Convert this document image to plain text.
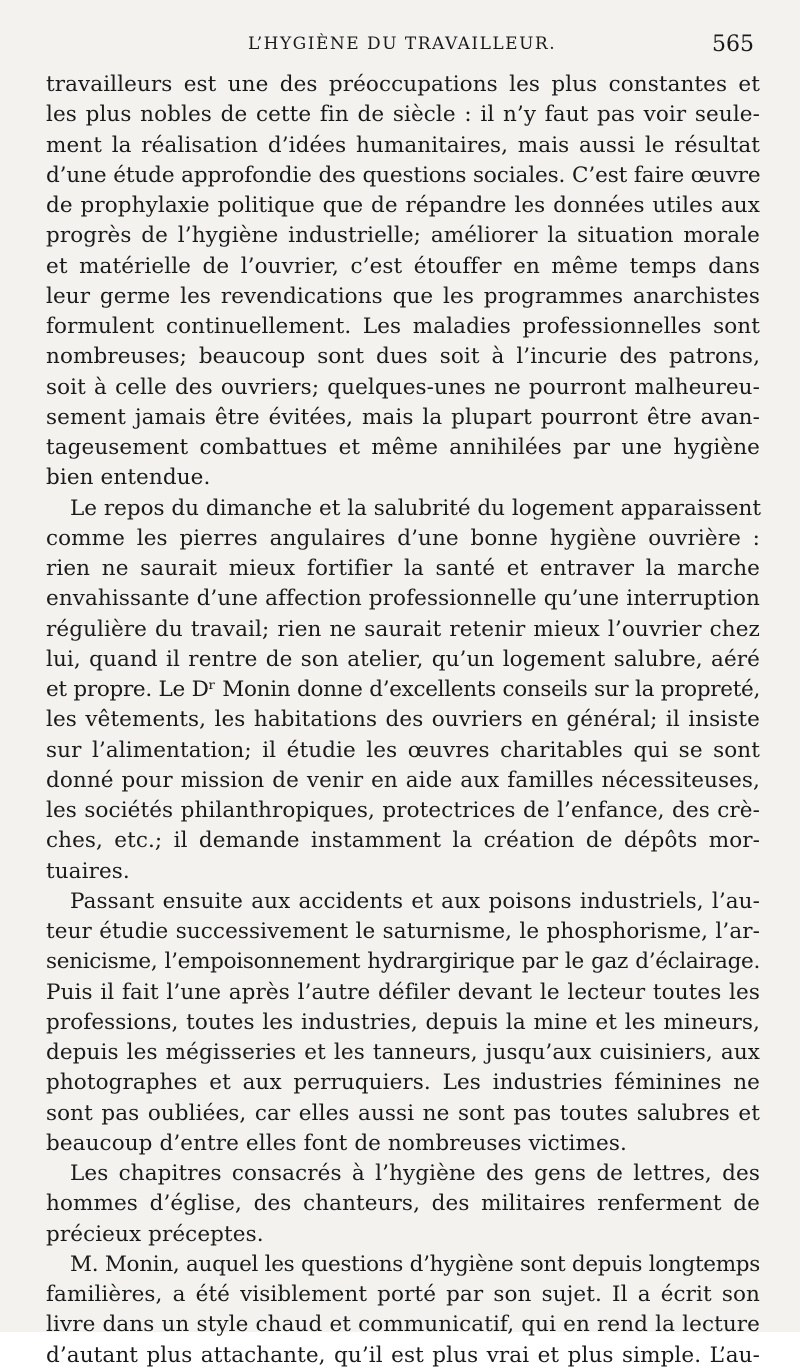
L’HYGIÈNE DU TRAVAILLEUR.	565
travailleurs est une des préoccupations les plus constantes et
les plus nobles de cette fin de siècle : il n’y faut pas voir seule-
ment la réalisation d’idées humanitaires, mais aussi le résultat
d’une étude approfondie des questions sociales. C’est faire œuvre
de prophylaxie politique que de répandre les données utiles aux
progrès de l’hygiène industrielle; améliorer la situation morale
et matérielle de l’ouvrier, c’est étouffer en même temps dans
leur germe les revendications que les programmes anarchistes
formulent continuellement. Les maladies professionnelles sont
nombreuses; beaucoup sont dues soit à l’incurie des patrons,
soit à celle des ouvriers; quelques-unes ne pourront malheureu-
sement jamais être évitées, mais la plupart pourront être avan-
tageusement combattues et même annihilées par une hygiène
bien entendue.
Le repos du dimanche et la salubrité du logement apparaissent
comme les pierres angulaires d’une bonne hygiène ouvrière :
rien ne saurait mieux fortifier la santé et entraver la marche
envahissante d’une affection professionnelle qu’une interruption
régulière du travail; rien ne saurait retenir mieux l’ouvrier chez
lui, quand il rentre de son atelier, qu’un logement salubre, aéré
et propre. Le Dʳ Monin donne d’excellents conseils sur la propreté,
les vêtements, les habitations des ouvriers en général; il insiste
sur l’alimentation; il étudie les œuvres charitables qui se sont
donné pour mission de venir en aide aux familles nécessiteuses,
les sociétés philanthropiques, protectrices de l’enfance, des crè-
ches, etc.; il demande instamment la création de dépôts mor-
tuaires.
Passant ensuite aux accidents et aux poisons industriels, l’au-
teur étudie successivement le saturnisme, le phosphorisme, l’ar-
senicisme, l’empoisonnement hydrargirique par le gaz d’éclairage.
Puis il fait l’une après l’autre défiler devant le lecteur toutes les
professions, toutes les industries, depuis la mine et les mineurs,
depuis les mégisseries et les tanneurs, jusqu’aux cuisiniers, aux
photographes et aux perruquiers. Les industries féminines ne
sont pas oubliées, car elles aussi ne sont pas toutes salubres et
beaucoup d’entre elles font de nombreuses victimes.
Les chapitres consacrés à l’hygiène des gens de lettres, des
hommes d’église, des chanteurs, des militaires renferment de
précieux préceptes.
M. Monin, auquel les questions d’hygiène sont depuis longtemps
familières, a été visiblement porté par son sujet. Il a écrit son
livre dans un style chaud et communicatif, qui en rend la lecture
d’autant plus attachante, qu’il est plus vrai et plus simple. L’au-
